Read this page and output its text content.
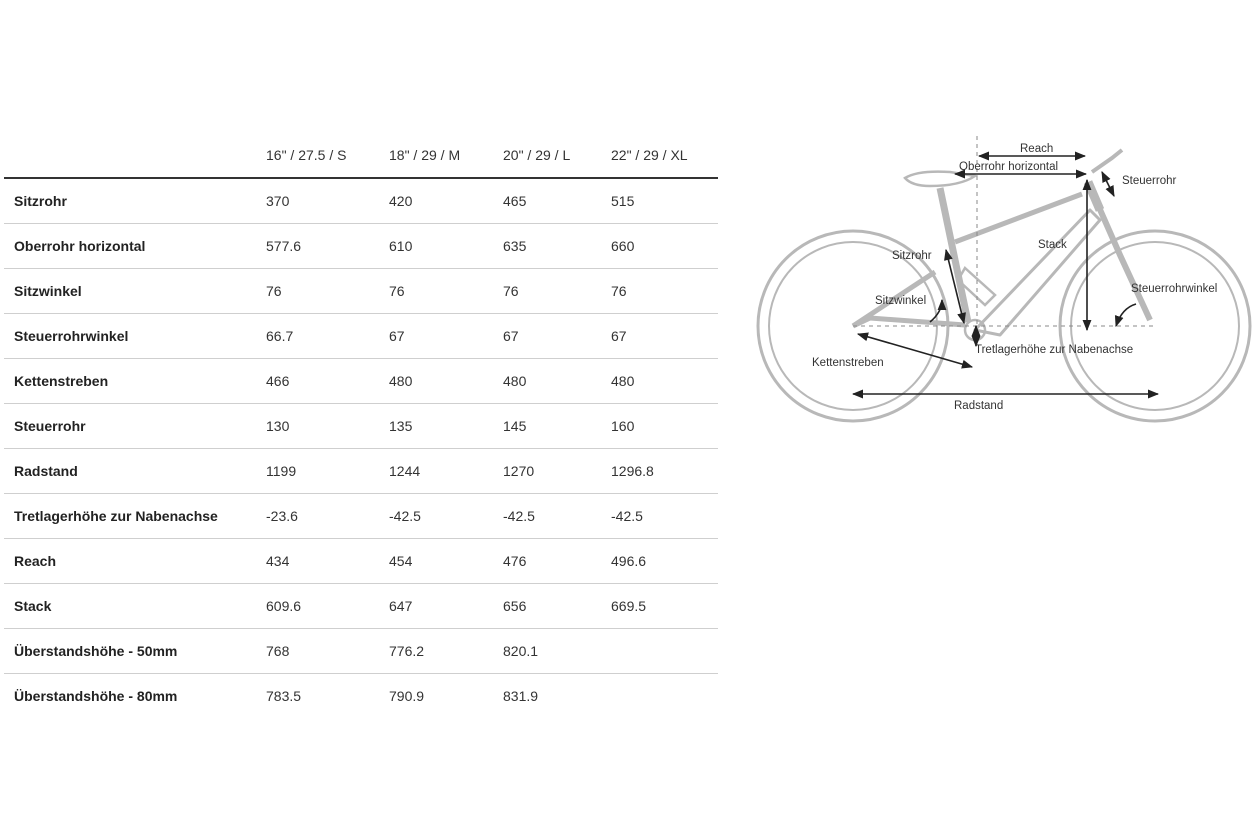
	16" / 27.5 / S	18" / 29 / M	20" / 29 / L	22" / 29 / XL
Sitzrohr	370	420	465	515
Oberrohr horizontal	577.6	610	635	660
Sitzwinkel	76	76	76	76
Steuerrohrwinkel	66.7	67	67	67
Kettenstreben	466	480	480	480
Steuerrohr	130	135	145	160
Radstand	1199	1244	1270	1296.8
Tretlagerhöhe zur Nabenachse	-23.6	-42.5	-42.5	-42.5
Reach	434	454	476	496.6
Stack	609.6	647	656	669.5
Überstandshöhe - 50mm	768	776.2	820.1	
Überstandshöhe - 80mm	783.5	790.9	831.9	
Reach
Oberrohr horizontal
Steuerrohr
Stack
Sitzrohr
Sitzwinkel
Steuerrohrwinkel
Tretlagerhöhe zur Nabenachse
Kettenstreben
Radstand
